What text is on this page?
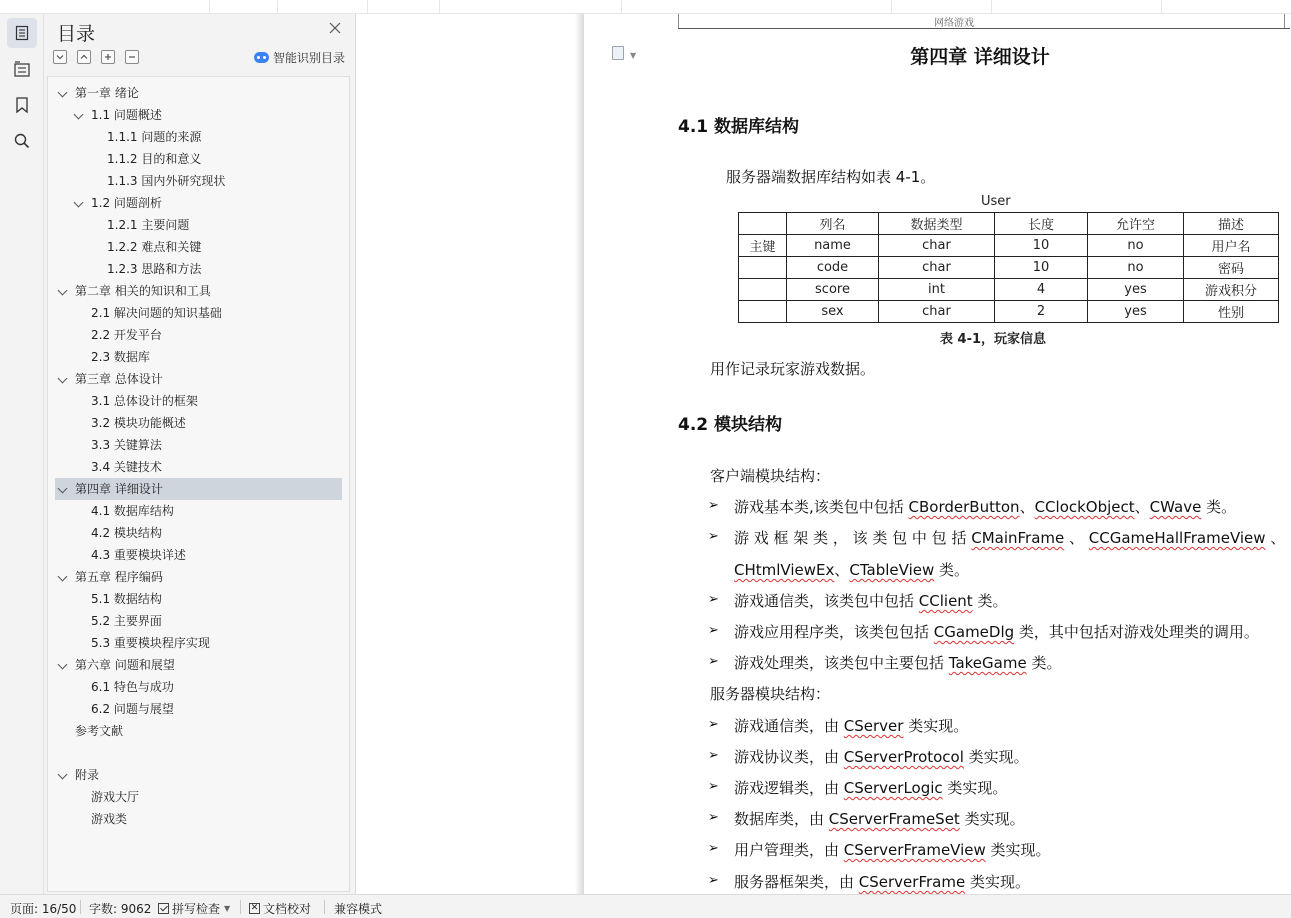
目录
智能识别目录
第一章 绪论
1.1 问题概述
1.1.1 问题的来源
1.1.2 目的和意义
1.1.3 国内外研究现状
1.2 问题剖析
1.2.1 主要问题
1.2.2 难点和关键
1.2.3 思路和方法
第二章 相关的知识和工具
2.1 解决问题的知识基础
2.2 开发平台
2.3 数据库
第三章 总体设计
3.1 总体设计的框架
3.2 模块功能概述
3.3 关键算法
3.4 关键技术
第四章 详细设计
4.1 数据库结构
4.2 模块结构
4.3 重要模块详述
第五章 程序编码
5.1 数据结构
5.2 主要界面
5.3 重要模块程序实现
第六章 问题和展望
6.1 特色与成功
6.2 问题与展望
参考文献
附录
游戏大厅
游戏类
网络游戏
▼	第四章 详细设计
4.1 数据库结构
服务器端数据库结构如表 4-1。
User
	列名	数据类型	长度	允许空	描述
主键	name	char	10	no	用户名
	code	char	10	no	密码
	score	int	4	yes	游戏积分
	sex	char	2	yes	性别
表 4-1，玩家信息
用作记录玩家游戏数据。
4.2 模块结构
客户端模块结构：
➢ 游戏基本类,该类包中包括 CBorderButton、CClockObject、CWave 类。
➢ 游 戏 框 架 类 ， 该 类 包 中 包 括 CMainFrame 、 CCGameHallFrameView 、
CHtmlViewEx、CTableView 类。
➢ 游戏通信类，该类包中包括 CClient 类。
➢ 游戏应用程序类，该类包包括 CGameDlg 类，其中包括对游戏处理类的调用。
➢ 游戏处理类，该类包中主要包括 TakeGame 类。
服务器模块结构：
➢ 游戏通信类，由 CServer 类实现。
➢ 游戏协议类，由 CServerProtocol 类实现。
➢ 游戏逻辑类，由 CServerLogic 类实现。
➢ 数据库类，由 CServerFrameSet 类实现。
➢ 用户管理类，由 CServerFrameView 类实现。
➢ 服务器框架类，由 CServerFrame 类实现。
页面: 16/50 字数: 9062 拼写检查 ▼ ✕ 文档校对 兼容模式
